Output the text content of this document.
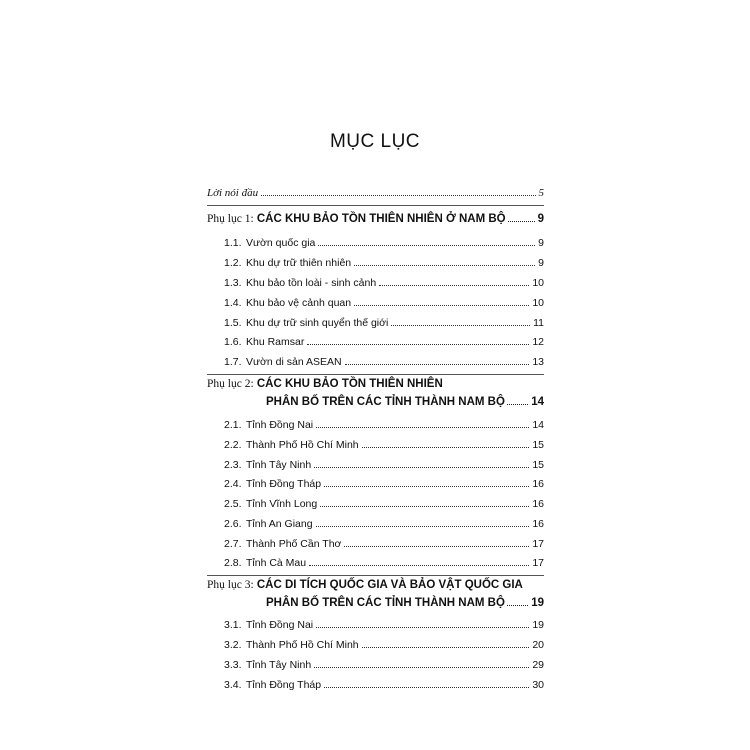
MỤC LỤC
Lời nói đầu	5
Phụ lục 1: CÁC KHU BẢO TỒN THIÊN NHIÊN Ở NAM BỘ	9
1.1. Vườn quốc gia	9
1.2. Khu dự trữ thiên nhiên	9
1.3. Khu bảo tồn loài - sinh cảnh	10
1.4. Khu bảo vệ cảnh quan	10
1.5. Khu dự trữ sinh quyển thế giới	11
1.6. Khu Ramsar	12
1.7. Vườn di sản ASEAN	13
Phụ lục 2: CÁC KHU BẢO TỒN THIÊN NHIÊN
PHÂN BỐ TRÊN CÁC TỈNH THÀNH NAM BỘ 14
2.1. Tỉnh Đồng Nai	14
2.2. Thành Phố Hồ Chí Minh	15
2.3. Tỉnh Tây Ninh	15
2.4. Tỉnh Đồng Tháp	16
2.5. Tỉnh Vĩnh Long	16
2.6. Tỉnh An Giang	16
2.7. Thành Phố Cần Thơ	17
2.8. Tỉnh Cà Mau	17
Phụ lục 3: CÁC DI TÍCH QUỐC GIA VÀ BẢO VẬT QUỐC GIA
PHÂN BỐ TRÊN CÁC TỈNH THÀNH NAM BỘ 19
3.1. Tỉnh Đồng Nai	19
3.2. Thành Phố Hồ Chí Minh	20
3.3. Tỉnh Tây Ninh	29
3.4. Tỉnh Đồng Tháp	30
